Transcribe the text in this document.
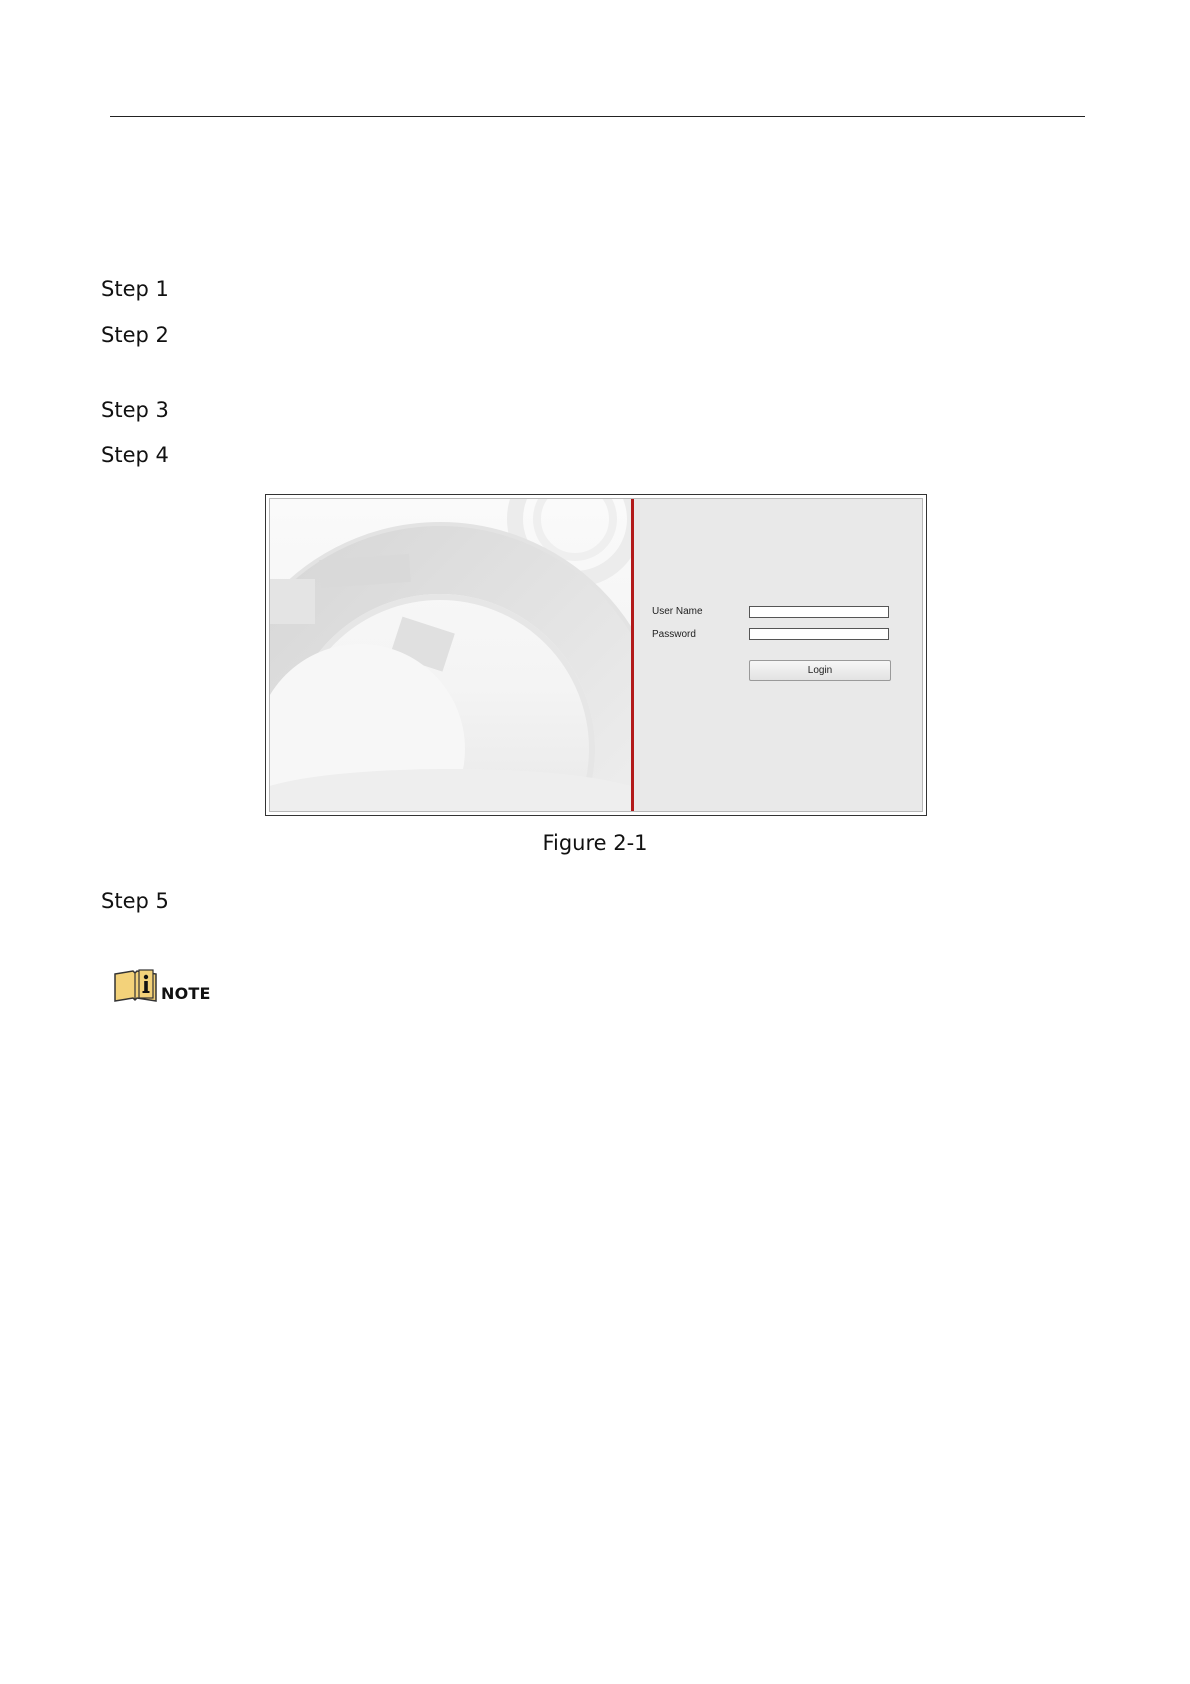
Step 1
Step 2
Step 3
Step 4
User Name
Password
Login
Figure 2-1
Step 5
NOTE
